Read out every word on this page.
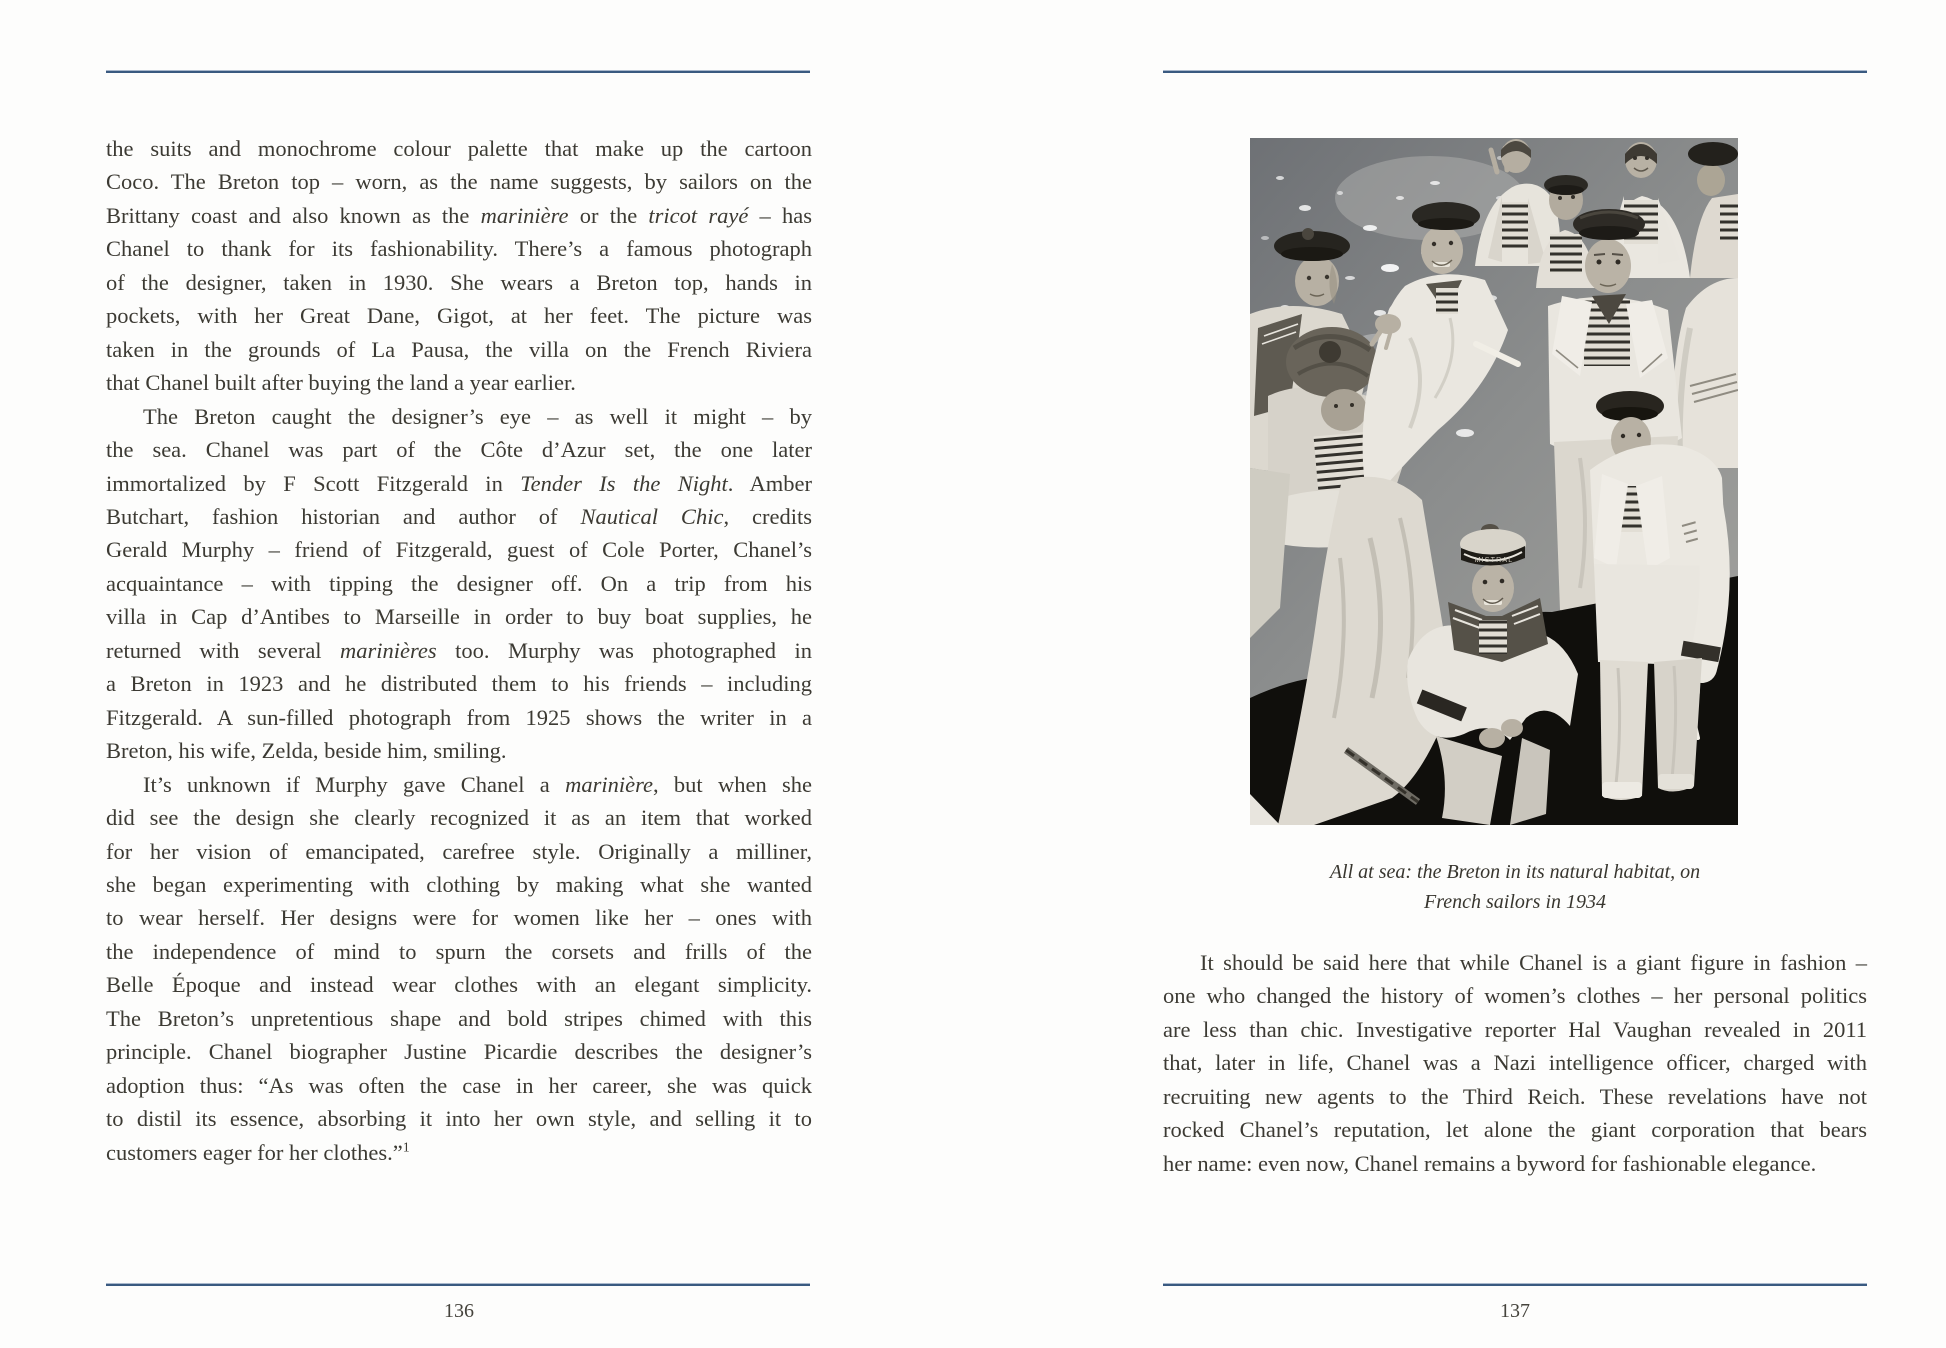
the suits and monochrome colour palette that make up the cartoon
Coco. The Breton top – worn, as the name suggests, by sailors on the
Brittany coast and also known as the marinière or the tricot rayé – has
Chanel to thank for its fashionability. There’s a famous photograph
of the designer, taken in 1930. She wears a Breton top, hands in
pockets, with her Great Dane, Gigot, at her feet. The picture was
taken in the grounds of La Pausa, the villa on the French Riviera
that Chanel built after buying the land a year earlier.
The Breton caught the designer’s eye – as well it might – by
the sea. Chanel was part of the Côte d’Azur set, the one later
immortalized by F Scott Fitzgerald in Tender Is the Night. Amber
Butchart, fashion historian and author of Nautical Chic, credits
Gerald Murphy – friend of Fitzgerald, guest of Cole Porter, Chanel’s
acquaintance – with tipping the designer off. On a trip from his
villa in Cap d’Antibes to Marseille in order to buy boat supplies, he
returned with several marinières too. Murphy was photographed in
a Breton in 1923 and he distributed them to his friends – including
Fitzgerald. A sun-filled photograph from 1925 shows the writer in a
Breton, his wife, Zelda, beside him, smiling.
It’s unknown if Murphy gave Chanel a marinière, but when she
did see the design she clearly recognized it as an item that worked
for her vision of emancipated, carefree style. Originally a milliner,
she began experimenting with clothing by making what she wanted
to wear herself. Her designs were for women like her – ones with
the independence of mind to spurn the corsets and frills of the
Belle Époque and instead wear clothes with an elegant simplicity.
The Breton’s unpretentious shape and bold stripes chimed with this
principle. Chanel biographer Justine Picardie describes the designer’s
adoption thus: “As was often the case in her career, she was quick
to distil its essence, absorbing it into her own style, and selling it to
customers eager for her clothes.”$^1$
136
MISTRAL
All at sea: the Breton in its natural habitat, on
French sailors in 1934
It should be said here that while Chanel is a giant figure in fashion –
one who changed the history of women’s clothes – her personal politics
are less than chic. Investigative reporter Hal Vaughan revealed in 2011
that, later in life, Chanel was a Nazi intelligence officer, charged with
recruiting new agents to the Third Reich. These revelations have not
rocked Chanel’s reputation, let alone the giant corporation that bears
her name: even now, Chanel remains a byword for fashionable elegance.
137
